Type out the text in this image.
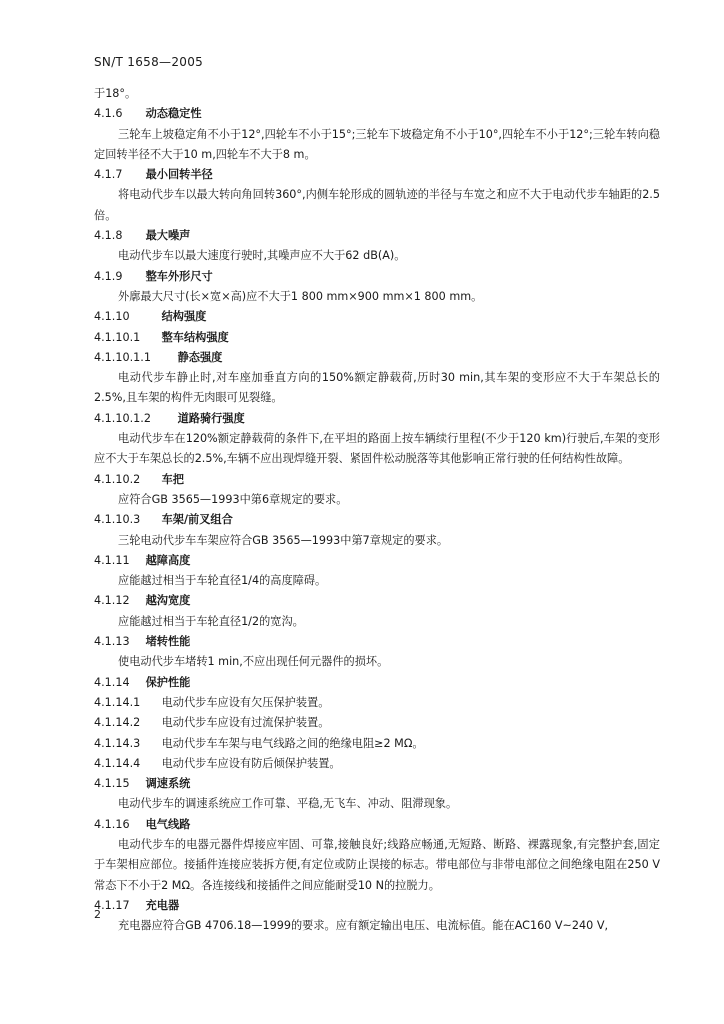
SN/T 1658—2005
于18°。
4.1.6 动态稳定性
三轮车上坡稳定角不小于12°,四轮车不小于15°;三轮车下坡稳定角不小于10°,四轮车不小于12°;三轮车转向稳定回转半径不大于10 m,四轮车不大于8 m。
4.1.7 最小回转半径
将电动代步车以最大转向角回转360°,内侧车轮形成的圆轨迹的半径与车宽之和应不大于电动代步车轴距的2.5倍。
4.1.8 最大噪声
电动代步车以最大速度行驶时,其噪声应不大于62 dB(A)。
4.1.9 整车外形尺寸
外廓最大尺寸(长×宽×高)应不大于1 800 mm×900 mm×1 800 mm。
4.1.10	结构强度
4.1.10.1 整车结构强度
4.1.10.1.1 静态强度
电动代步车静止时,对车座加垂直方向的150%额定静载荷,历时30 min,其车架的变形应不大于车架总长的2.5%,且车架的构件无肉眼可见裂缝。
4.1.10.1.2 道路骑行强度
电动代步车在120%额定静载荷的条件下,在平坦的路面上按车辆续行里程(不少于120 km)行驶后,车架的变形应不大于车架总长的2.5%,车辆不应出现焊缝开裂、紧固件松动脱落等其他影响正常行驶的任何结构性故障。
4.1.10.2 车把
应符合GB 3565—1993中第6章规定的要求。
4.1.10.3 车架/前叉组合
三轮电动代步车车架应符合GB 3565—1993中第7章规定的要求。
4.1.11 越障高度
应能越过相当于车轮直径1/4的高度障碍。
4.1.12 越沟宽度
应能越过相当于车轮直径1/2的宽沟。
4.1.13 堵转性能
使电动代步车堵转1 min,不应出现任何元器件的损坏。
4.1.14 保护性能
4.1.14.1 电动代步车应设有欠压保护装置。
4.1.14.2 电动代步车应设有过流保护装置。
4.1.14.3 电动代步车车架与电气线路之间的绝缘电阻≥2 MΩ。
4.1.14.4 电动代步车应设有防后倾保护装置。
4.1.15 调速系统
电动代步车的调速系统应工作可靠、平稳,无飞车、冲动、阻滞现象。
4.1.16 电气线路
电动代步车的电器元器件焊接应牢固、可靠,接触良好;线路应畅通,无短路、断路、裸露现象,有完整护套,固定于车架相应部位。接插件连接应装拆方便,有定位或防止误接的标志。带电部位与非带电部位之间绝缘电阻在250 V常态下不小于2 MΩ。各连接线和接插件之间应能耐受10 N的拉脱力。
4.1.17 充电器
充电器应符合GB 4706.18—1999的要求。应有额定输出电压、电流标值。能在AC160 V~240 V,
2
